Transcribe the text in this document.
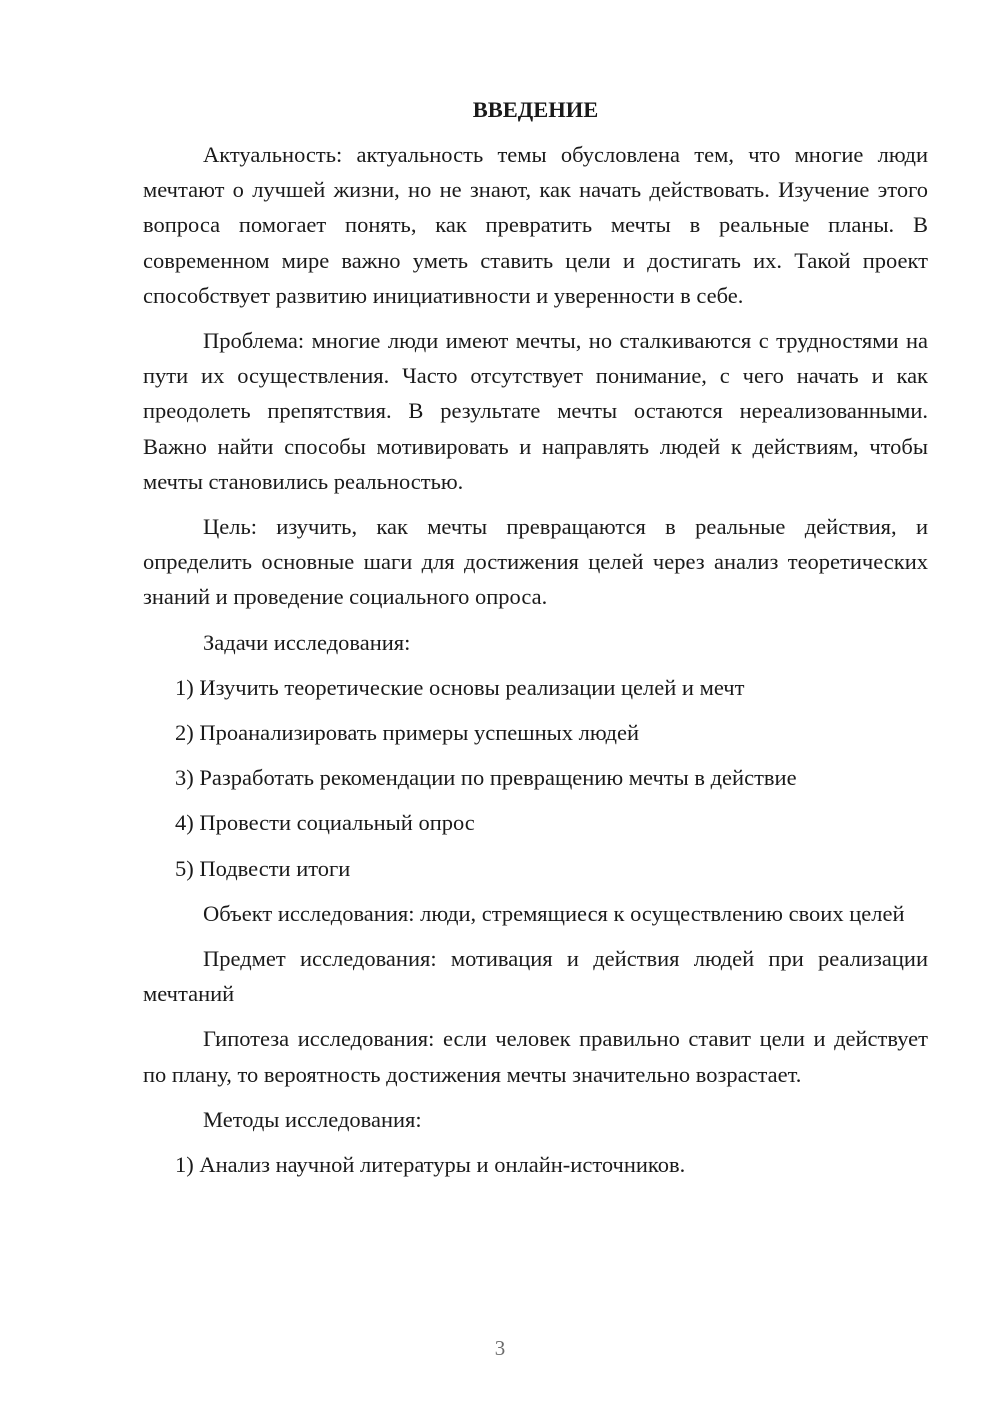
ВВЕДЕНИЕ

Актуальность: актуальность темы обусловлена тем, что многие люди мечтают о лучшей жизни, но не знают, как начать действовать. Изучение этого вопроса помогает понять, как превратить мечты в реальные планы. В современном мире важно уметь ставить цели и достигать их. Такой проект способствует развитию инициативности и уверенности в себе.

Проблема: многие люди имеют мечты, но сталкиваются с трудностями на пути их осуществления. Часто отсутствует понимание, с чего начать и как преодолеть препятствия. В результате мечты остаются нереализованными. Важно найти способы мотивировать и направлять людей к действиям, чтобы мечты становились реальностью.

Цель: изучить, как мечты превращаются в реальные действия, и определить основные шаги для достижения целей через анализ теоретических знаний и проведение социального опроса.

Задачи исследования:

1) Изучить теоретические основы реализации целей и мечт
2) Проанализировать примеры успешных людей
3) Разработать рекомендации по превращению мечты в действие
4) Провести социальный опрос
5) Подвести итоги

Объект исследования: люди, стремящиеся к осуществлению своих целей

Предмет исследования: мотивация и действия людей при реализации мечтаний

Гипотеза исследования: если человек правильно ставит цели и действует по плану, то вероятность достижения мечты значительно возрастает.

Методы исследования:

1) Анализ научной литературы и онлайн-источников.
3
